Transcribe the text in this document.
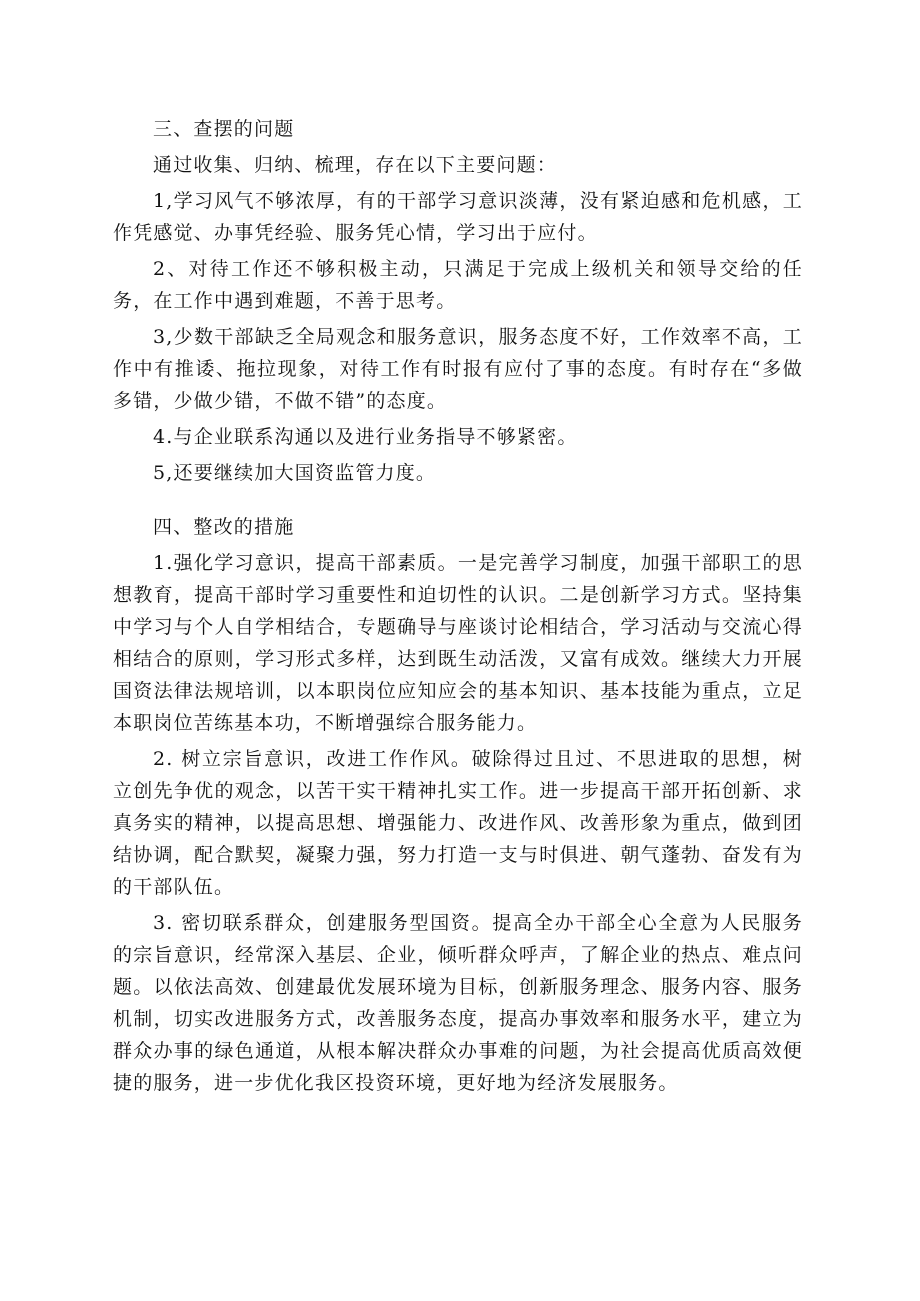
三、查摆的问题

通过收集、归纳、梳理，存在以下主要问题：

1,学习风气不够浓厚，有的干部学习意识淡薄，没有紧迫感和危机感，工作凭感觉、办事凭经验、服务凭心情，学习出于应付。

2、对待工作还不够积极主动，只满足于完成上级机关和领导交给的任务，在工作中遇到难题，不善于思考。

3,少数干部缺乏全局观念和服务意识，服务态度不好，工作效率不高，工作中有推诿、拖拉现象，对待工作有时报有应付了事的态度。有时存在“多做多错，少做少错，不做不错”的态度。

4.与企业联系沟通以及进行业务指导不够紧密。

5,还要继续加大国资监管力度。

四、整改的措施

1.强化学习意识，提高干部素质。一是完善学习制度，加强干部职工的思想教育，提高干部时学习重要性和迫切性的认识。二是创新学习方式。坚持集中学习与个人自学相结合，专题确导与座谈讨论相结合，学习活动与交流心得相结合的原则，学习形式多样，达到既生动活泼，又富有成效。继续大力开展国资法律法规培训，以本职岗位应知应会的基本知识、基本技能为重点，立足本职岗位苦练基本功，不断增强综合服务能力。

2. 树立宗旨意识，改进工作作风。破除得过且过、不思进取的思想，树立创先争优的观念，以苦干实干精神扎实工作。进一步提高干部开拓创新、求真务实的精神，以提高思想、增强能力、改进作风、改善形象为重点，做到团结协调，配合默契，凝聚力强，努力打造一支与时俱进、朝气蓬勃、奋发有为的干部队伍。

3. 密切联系群众，创建服务型国资。提高全办干部全心全意为人民服务的宗旨意识，经常深入基层、企业，倾听群众呼声，了解企业的热点、难点问题。以依法高效、创建最优发展环境为目标，创新服务理念、服务内容、服务机制，切实改进服务方式，改善服务态度，提高办事效率和服务水平，建立为群众办事的绿色通道，从根本解决群众办事难的问题，为社会提高优质高效便捷的服务，进一步优化我区投资环境，更好地为经济发展服务。
